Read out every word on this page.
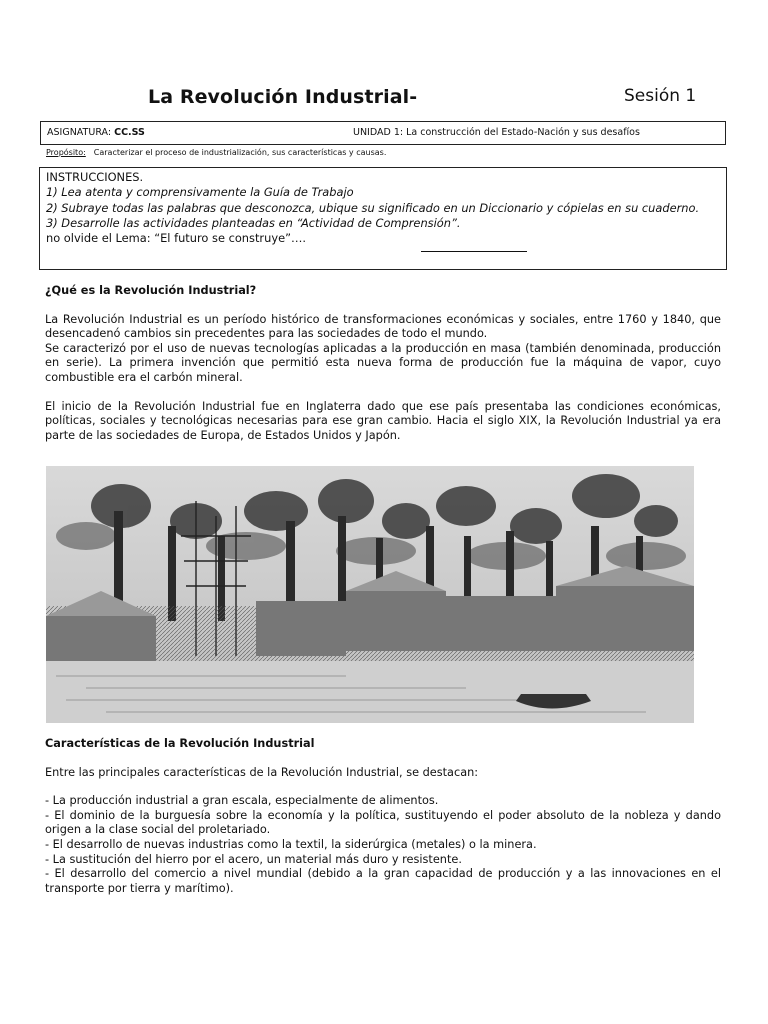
La Revolución Industrial-	Sesión 1
ASIGNATURA: CC.SS	UNIDAD 1: La construcción del Estado-Nación y sus desafíos
Propósito: Caracterizar el proceso de industrialización, sus características y causas.
INSTRUCCIONES.
1) Lea atenta y comprensivamente la Guía de Trabajo
2) Subraye todas las palabras que desconozca, ubique su significado en un Diccionario y cópielas en su cuaderno.
3) Desarrolle las actividades planteadas en “Actividad de Comprensión”.
no olvide el Lema: “El futuro se construye”….
¿Qué es la Revolución Industrial?
La Revolución Industrial es un período histórico de transformaciones económicas y sociales, entre 1760 y 1840, que desencadenó cambios sin precedentes para las sociedades de todo el mundo.
Se caracterizó por el uso de nuevas tecnologías aplicadas a la producción en masa (también denominada, producción en serie). La primera invención que permitió esta nueva forma de producción fue la máquina de vapor, cuyo combustible era el carbón mineral.
El inicio de la Revolución Industrial fue en Inglaterra dado que ese país presentaba las condiciones económicas, políticas, sociales y tecnológicas necesarias para ese gran cambio. Hacia el siglo XIX, la Revolución Industrial ya era parte de las sociedades de Europa, de Estados Unidos y Japón.
Características de la Revolución Industrial
Entre las principales características de la Revolución Industrial, se destacan:
- La producción industrial a gran escala, especialmente de alimentos.
- El dominio de la burguesía sobre la economía y la política, sustituyendo el poder absoluto de la nobleza y dando origen a la clase social del proletariado.
- El desarrollo de nuevas industrias como la textil, la siderúrgica (metales) o la minera.
- La sustitución del hierro por el acero, un material más duro y resistente.
- El desarrollo del comercio a nivel mundial (debido a la gran capacidad de producción y a las innovaciones en el transporte por tierra y marítimo).
